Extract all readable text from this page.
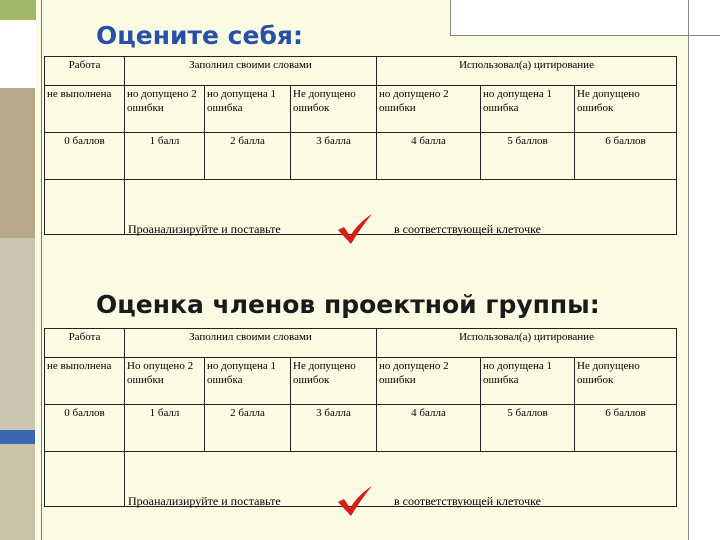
Оцените себя:
Работа	Заполнил своими словами			Использовал(а) цитирование		
не выполнена	но допущено 2 ошибки	но допущена 1 ошибка	Не допущено ошибок	но допущено 2 ошибки	но допущена 1 ошибка	Не допущено ошибок
0 баллов	1 балл	2 балла	3 балла	4 балла	5 баллов	6 баллов

Проанализируйте и поставьте	в соответствующей клеточке
Оценка членов проектной группы:
Работа	Заполнил своими словами			Использовал(а) цитирование		
не выполнена	Но опущено 2 ошибки	но допущена 1 ошибка	Не допущено ошибок	но допущено 2 ошибки	но допущена 1 ошибка	Не допущено ошибок
0 баллов	1 балл	2 балла	3 балла	4 балла	5 баллов	6 баллов

Проанализируйте и поставьте	в соответствующей клеточке
